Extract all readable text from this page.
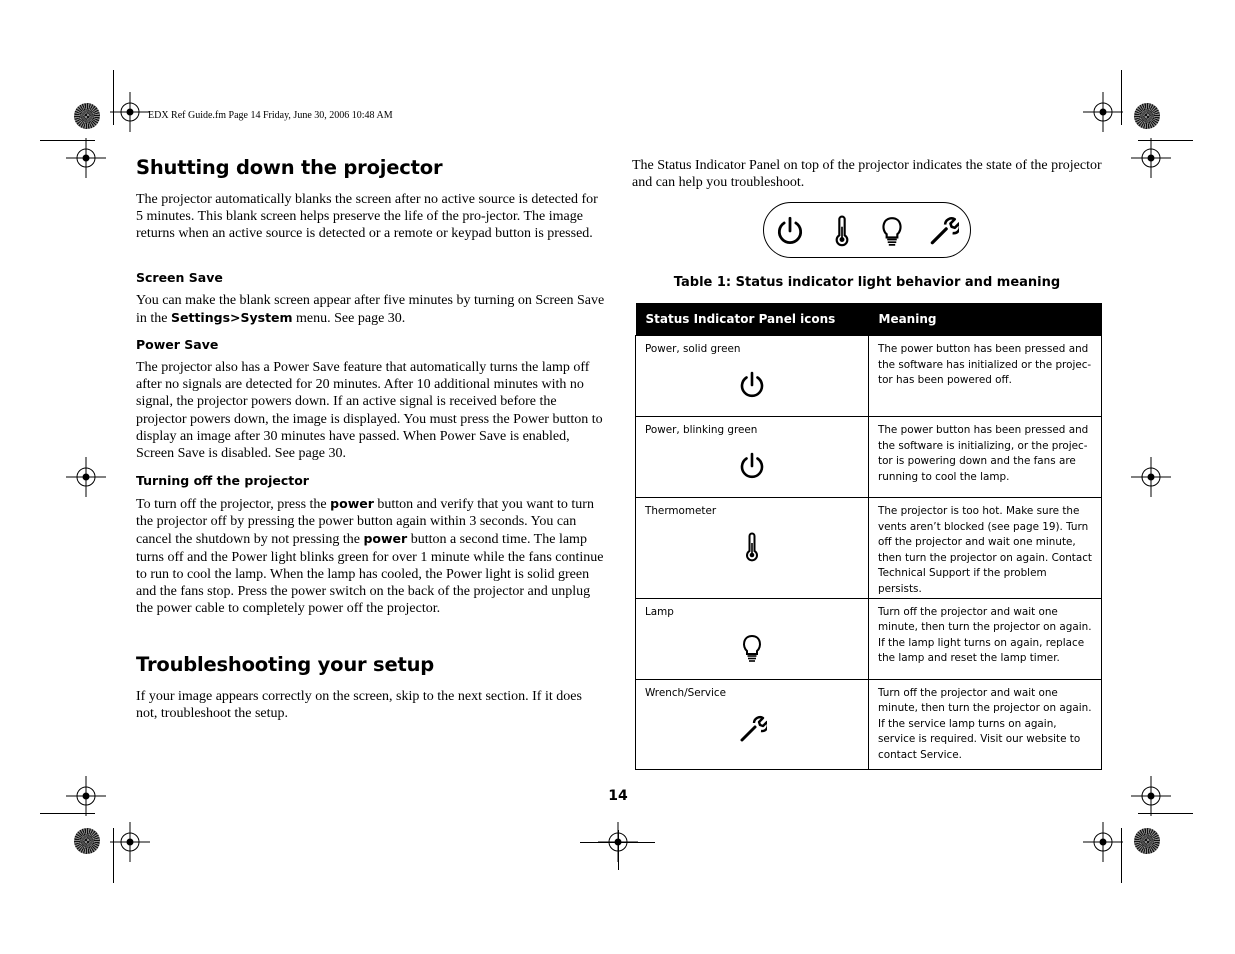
EDX Ref Guide.fm Page 14 Friday, June 30, 2006 10:48 AM
Shutting down the projector

The projector automatically blanks the screen after no active source is detected for 5 minutes. This blank screen helps preserve the life of the pro-jector. The image returns when an active source is detected or a remote or keypad button is pressed.

Screen Save

You can make the blank screen appear after five minutes by turning on Screen Save in the Settings>System menu. See page 30.

Power Save

The projector also has a Power Save feature that automatically turns the lamp off after no signals are detected for 20 minutes. After 10 additional minutes with no signal, the projector powers down. If an active signal is received before the projector powers down, the image is displayed. You must press the Power button to display an image after 30 minutes have passed. When Power Save is enabled, Screen Save is disabled. See page 30.

Turning off the projector

To turn off the projector, press the power button and verify that you want to turn the projector off by pressing the power button again within 3 seconds. You can cancel the shutdown by not pressing the power button a second time. The lamp turns off and the Power light blinks green for over 1 minute while the fans continue to run to cool the lamp. When the lamp has cooled, the Power light is solid green and the fans stop. Press the power switch on the back of the projector and unplug the power cable to completely power off the projector.

Troubleshooting your setup

If your image appears correctly on the screen, skip to the next section. If it does not, troubleshoot the setup.

The Status Indicator Panel on top of the projector indicates the state of the projector and can help you troubleshoot.

Table 1: Status indicator light behavior and meaning
Status Indicator Panel icons	Meaning
Power, solid green	The power button has been pressed and the software has initialized or the projec-tor has been powered off.
Power, blinking green	The power button has been pressed and the software is initializing, or the projec-tor is powering down and the fans are running to cool the lamp.
Thermometer	The projector is too hot. Make sure the vents aren’t blocked (see page 19). Turn off the projector and wait one minute, then turn the projector on again. Contact Technical Support if the problem persists.
Lamp	Turn off the projector and wait one minute, then turn the projector on again. If the lamp light turns on again, replace the lamp and reset the lamp timer.
Wrench/Service	Turn off the projector and wait one minute, then turn the projector on again. If the service lamp turns on again, service is required. Visit our website to contact Service.
14
